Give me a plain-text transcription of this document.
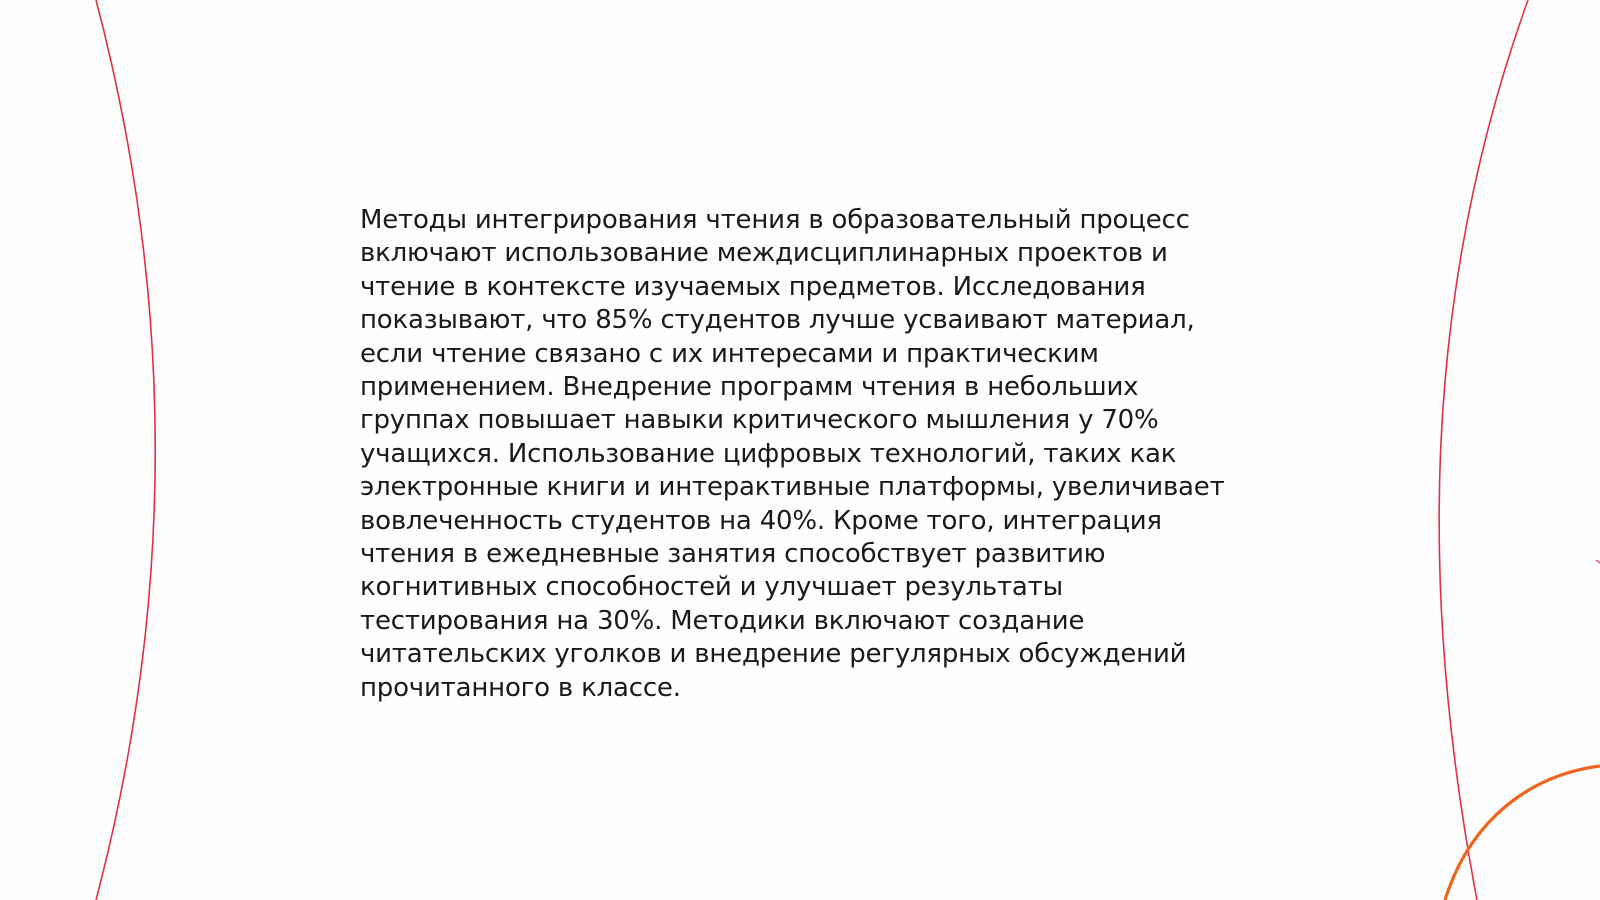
Методы интегрирования чтения в образовательный процесс
включают использование междисциплинарных проектов и
чтение в контексте изучаемых предметов. Исследования
показывают, что 85% студентов лучше усваивают материал,
если чтение связано с их интересами и практическим
применением. Внедрение программ чтения в небольших
группах повышает навыки критического мышления у 70%
учащихся. Использование цифровых технологий, таких как
электронные книги и интерактивные платформы, увеличивает
вовлеченность студентов на 40%. Кроме того, интеграция
чтения в ежедневные занятия способствует развитию
когнитивных способностей и улучшает результаты
тестирования на 30%. Методики включают создание
читательских уголков и внедрение регулярных обсуждений
прочитанного в классе.
